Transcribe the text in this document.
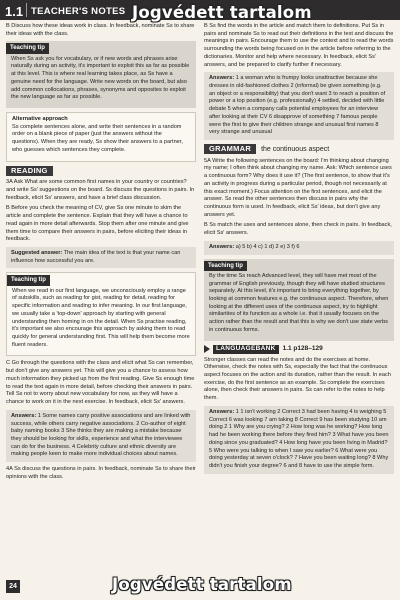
1.1 TEACHER'S NOTES

B Discuss how these ideas work in class. In feedback, nominate Ss to share their ideas with the class.

Teaching tip

When Ss ask you for vocabulary, or if new words and phrases arise naturally during an activity, it's important to exploit this as far as possible at this level. This is where real learning takes place, as Ss have a genuine need for the language. Write new words on the board, but also add common collocations, phrases, synonyms and opposites to exploit the new language as far as possible.

Alternative approach

Ss complete sentences alone, and write their sentences in a random order on a blank piece of paper (just the answers without the questions). When they are ready, Ss show their answers to a partner, who guesses which sentences they complete.

READING

3A Ask What are some common first names in your country or countries? and write Ss' suggestions on the board. Ss discuss the questions in pairs. In feedback, elicit Ss' answers, and have a brief class discussion.

B Before you check the meaning of CV, give Ss one minute to skim the article and complete the sentence. Explain that they will have a chance to read again in more detail afterwards. Stop them after one minute and give them time to compare their answers in pairs, before eliciting their ideas in feedback.

Suggested answer: The main idea of the text is that your name can influence how successful you are.
Teaching tip

When we read in our first language, we unconsciously employ a range of subskills, such as reading for gist, reading for detail, reading for specific information and reading to infer meaning. In our first language, we usually take a 'top-down' approach by starting with general understanding then homing in on the detail. When Ss practise reading, it's important we also encourage this approach by asking them to read quickly for general understanding first. This will help them become more fluent readers.

C Go through the questions with the class and elicit what Ss can remember, but don't give any answers yet. This will give you a chance to assess how much information they picked up from the first reading. Give Ss enough time to read the text again in more detail, before checking their answers in pairs. Tell Ss not to worry about new vocabulary for now, as they will have a chance to work on it in the next exercise. In feedback, elicit Ss' answers.

Answers: 1 Some names carry positive associations and are linked with success, while others carry negative associations. 2 Co-author of eight baby naming books 3 She thinks they are making a mistake because they should be looking for skills, experience and what the interviewee can do for the business. 4 Celebrity culture and ethnic diversity are making people keen to make more individual choices about names.

4A Ss discuss the questions in pairs. In feedback, nominate Ss to share their opinions with the class.

B Ss find the words in the article and match them to definitions. Put Ss in pairs and nominate Ss to read out their definitions in the text and discuss the meanings in pairs. Encourage them to use the context and to read the words surrounding the words being focused on in the article before referring to the dictionaries. Monitor and help where necessary. In feedback, elicit Ss' answers, and be prepared to clarify further if necessary.

Answers: 1 a woman who is frumpy looks unattractive because she dresses in old-fashioned clothes 2 (informal) be given something (e.g. an object or a responsibility) that you don't want 3 to reach a position of power or a top position (e.g. professionally) 4 settled, decided with little debate 5 when a company calls potential employees for an interview after looking at their CV 6 disapprove of something 7 famous people were the first to give their children strange and unusual first names 8 very strange and unusual
GRAMMAR the continuous aspect

5A Write the following sentences on the board: I'm thinking about changing my name; I often think about changing my name. Ask: Which sentence uses a continuous form? Why does it use it? (The first sentence, to show that it's an activity in progress during a particular period, though not necessarily at this exact moment.) Focus attention on the first sentences, and elicit the answer. Ss read the other sentences then discuss in pairs why the continuous form is used. In feedback, elicit Ss' ideas, but don't give any answers yet.

B Ss match the uses and sentences alone, then check in pairs. In feedback, elicit Ss' answers.

Answers: a) 5 b) 4 c) 1 d) 2 e) 3 f) 6
Teaching tip

By the time Ss reach Advanced level, they will have met most of the grammar of English previously, though they will have studied structures separately. At this level, it's important to bring everything together, by looking at common features e.g. the continuous aspect. Therefore, when looking at the different uses of the continuous aspect, try to highlight similarities of its function as a whole i.e. that it usually focuses on the action rather than the result and that this is why we don't use state verbs in continuous forms.

LANGUAGEBANK	1.1 p128–129

Stronger classes can read the notes and do the exercises at home. Otherwise, check the notes with Ss, especially the fact that the continuous aspect focuses on the action and its duration, rather than the result. In each exercise, do the first sentence as an example. Ss complete the exercises alone, then check their answers in pairs. Ss can refer to the notes to help them.

Answers: 1 1 isn't working 2 Correct 3 had been having 4 is weighing 5 Correct 6 was looking 7 am taking 8 Correct 9 has been studying 10 am doing 2 1 Why are you crying? 2 How long was he working? How long had he been working there before they fired him? 3 What have you been doing since you graduated? 4 How long have you been living in Madrid? 5 Who were you talking to when I saw you earlier? 6 What were you doing yesterday at seven o'clock? 7 Have you been waiting long? 8 Why didn't you finish your degree? 6 and 8 have to use the simple form.
Jogvédett tartalom
Jogvédett tartalom
24
